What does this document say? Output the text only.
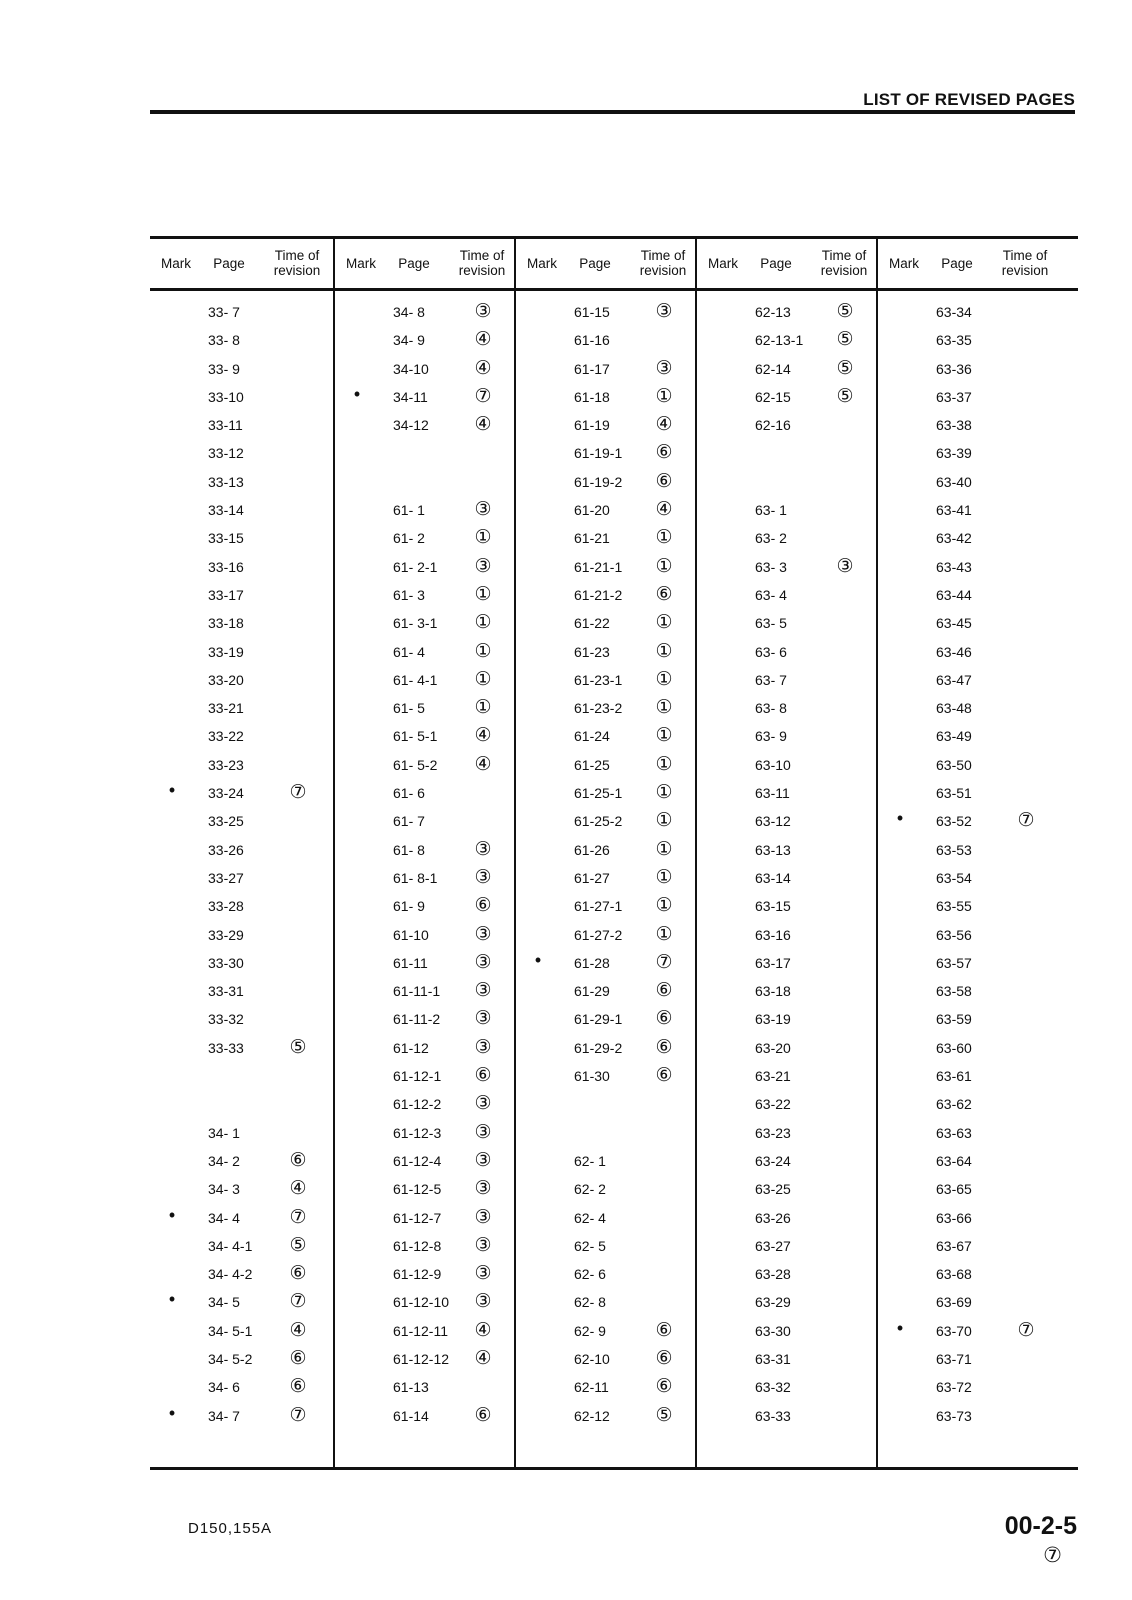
LIST OF REVISED PAGES
Mark	Page
Time of
revision
33- 7
33- 8
33- 9
33-10
33-11
33-12
33-13
33-14
33-15
33-16
33-17
33-18
33-19
33-20
33-21
33-22
33-23
•	33-24	⑦
33-25
33-26
33-27
33-28
33-29
33-30
33-31
33-32
33-33	⑤
34- 1
34- 2	⑥
34- 3	④
•	34- 4	⑦
34- 4-1	⑤
34- 4-2	⑥
•	34- 5	⑦
34- 5-1	④
34- 5-2	⑥
34- 6	⑥
•	34- 7	⑦
Mark	Page
Time of
revision
34- 8	③
34- 9	④
34-10	④
•	34-11	⑦
34-12	④
61- 1	③
61- 2	①
61- 2-1	③
61- 3	①
61- 3-1	①
61- 4	①
61- 4-1	①
61- 5	①
61- 5-1	④
61- 5-2	④
61- 6
61- 7
61- 8	③
61- 8-1	③
61- 9	⑥
61-10	③
61-11	③
61-11-1	③
61-11-2	③
61-12	③
61-12-1	⑥
61-12-2	③
61-12-3	③
61-12-4	③
61-12-5	③
61-12-7	③
61-12-8	③
61-12-9	③
61-12-10	③
61-12-11	④
61-12-12	④
61-13
61-14	⑥
Mark	Page
Time of
revision
61-15	③
61-16
61-17	③
61-18	①
61-19	④
61-19-1	⑥
61-19-2	⑥
61-20	④
61-21	①
61-21-1	①
61-21-2	⑥
61-22	①
61-23	①
61-23-1	①
61-23-2	①
61-24	①
61-25	①
61-25-1	①
61-25-2	①
61-26	①
61-27	①
61-27-1	①
61-27-2	①
•	61-28	⑦
61-29	⑥
61-29-1	⑥
61-29-2	⑥
61-30	⑥
62- 1
62- 2
62- 4
62- 5
62- 6
62- 8
62- 9	⑥
62-10	⑥
62-11	⑥
62-12	⑤
Mark	Page
Time of
revision
62-13	⑤
62-13-1	⑤
62-14	⑤
62-15	⑤
62-16
63- 1
63- 2
63- 3	③
63- 4
63- 5
63- 6
63- 7
63- 8
63- 9
63-10
63-11
63-12
63-13
63-14
63-15
63-16
63-17
63-18
63-19
63-20
63-21
63-22
63-23
63-24
63-25
63-26
63-27
63-28
63-29
63-30
63-31
63-32
63-33
Mark	Page
Time of
revision
63-34
63-35
63-36
63-37
63-38
63-39
63-40
63-41
63-42
63-43
63-44
63-45
63-46
63-47
63-48
63-49
63-50
63-51
•	63-52	⑦
63-53
63-54
63-55
63-56
63-57
63-58
63-59
63-60
63-61
63-62
63-63
63-64
63-65
63-66
63-67
63-68
63-69
•	63-70	⑦
63-71
63-72
63-73
D150,155A	00-2-5
⑦
